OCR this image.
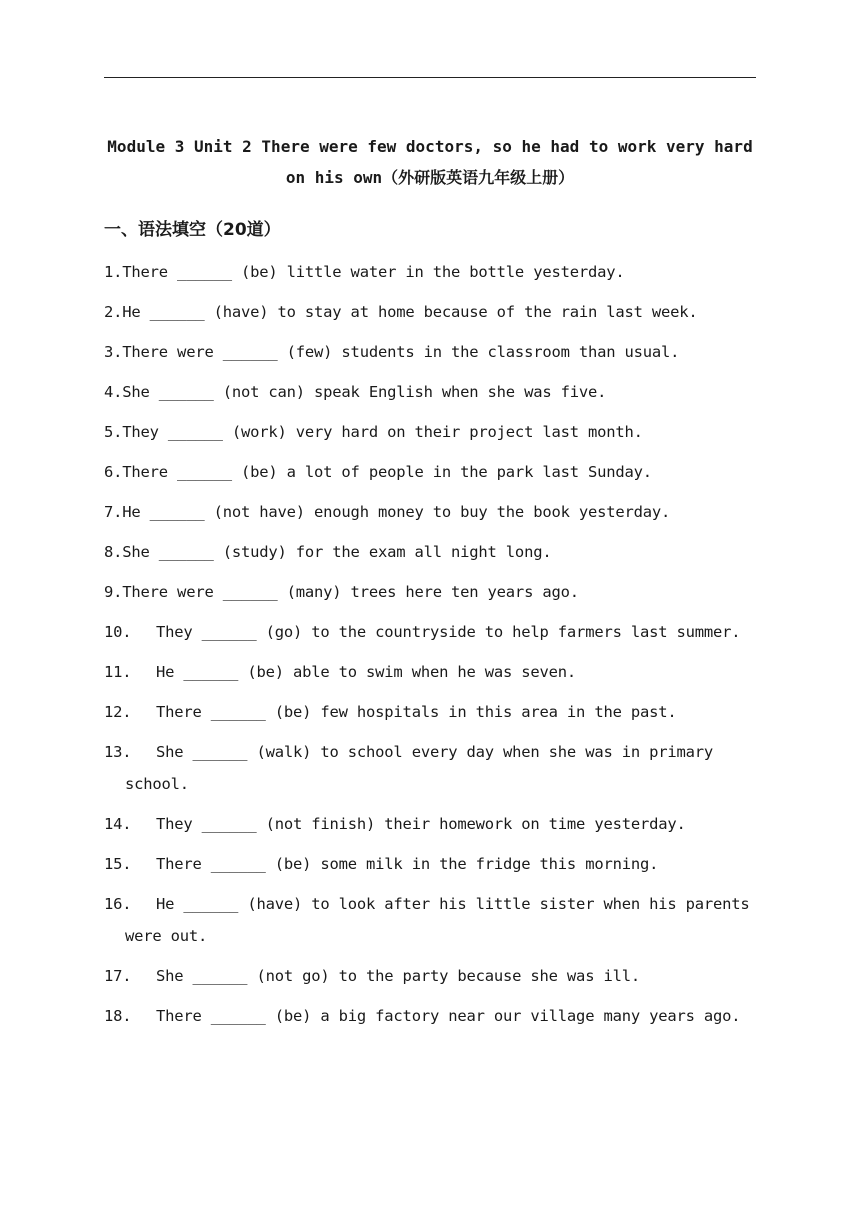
Module 3 Unit 2 There were few doctors, so he had to work very hard on his own（外研版英语九年级上册）
一、语法填空（20道）
1.There ______ (be) little water in the bottle yesterday.
2.He ______ (have) to stay at home because of the rain last week.
3.There were ______ (few) students in the classroom than usual.
4.She ______ (not can) speak English when she was five.
5.They ______ (work) very hard on their project last month.
6.There ______ (be) a lot of people in the park last Sunday.
7.He ______ (not have) enough money to buy the book yesterday.
8.She ______ (study) for the exam all night long.
9.There were ______ (many) trees here ten years ago.
10. They ______ (go) to the countryside to help farmers last summer.
11. He ______ (be) able to swim when he was seven.
12. There ______ (be) few hospitals in this area in the past.
13. She ______ (walk) to school every day when she was in primary school.
14. They ______ (not finish) their homework on time yesterday.
15. There ______ (be) some milk in the fridge this morning.
16. He ______ (have) to look after his little sister when his parents were out.
17. She ______ (not go) to the party because she was ill.
18. There ______ (be) a big factory near our village many years ago.
